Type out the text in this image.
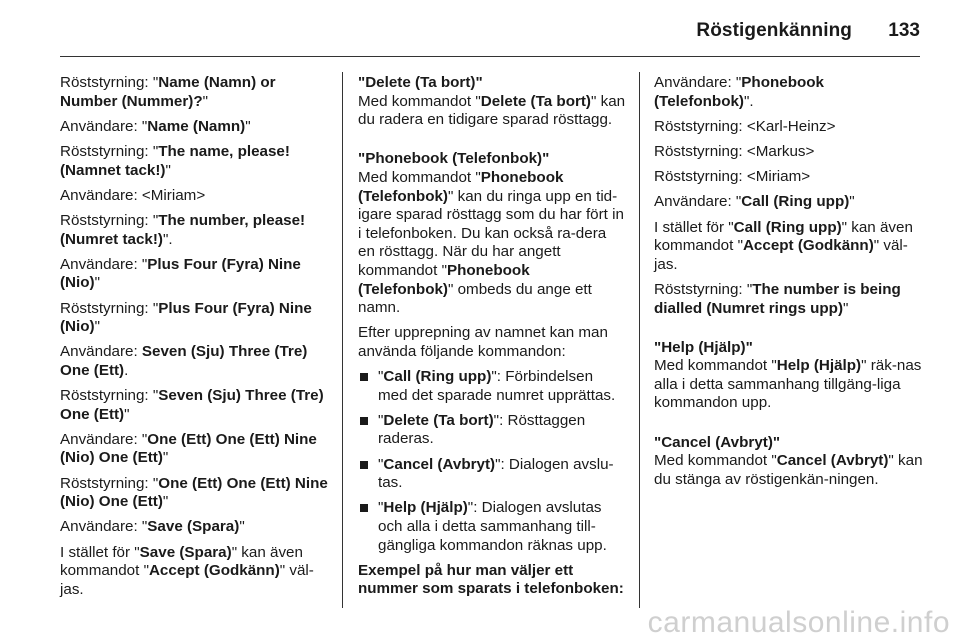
Röstigenkänning 133

Röststyrning: "Name (Namn) or Number (Nummer)?"

Användare: "Name (Namn)"

Röststyrning: "The name, please! (Namnet tack!)"

Användare: <Miriam>

Röststyrning: "The number, please! (Numret tack!)".

Användare: "Plus Four (Fyra) Nine (Nio)"

Röststyrning: "Plus Four (Fyra) Nine (Nio)"

Användare: Seven (Sju) Three (Tre) One (Ett).

Röststyrning: "Seven (Sju) Three (Tre) One (Ett)"

Användare: "One (Ett) One (Ett) Nine (Nio) One (Ett)"

Röststyrning: "One (Ett) One (Ett) Nine (Nio) One (Ett)"

Användare: "Save (Spara)"

I stället för "Save (Spara)" kan även kommandot "Accept (Godkänn)" väl-jas.

"Delete (Ta bort)"

Med kommandot "Delete (Ta bort)" kan du radera en tidigare sparad rösttagg.

"Phonebook (Telefonbok)"

Med kommandot "Phonebook (Telefonbok)" kan du ringa upp en tid-igare sparad rösttagg som du har fört in i telefonboken. Du kan också ra-dera en rösttagg. När du har angett kommandot "Phonebook (Telefonbok)" ombeds du ange ett namn.

Efter upprepning av namnet kan man använda följande kommandon:

"Call (Ring upp)": Förbindelsen med det sparade numret upprättas.
"Delete (Ta bort)": Rösttaggen raderas.
"Cancel (Avbryt)": Dialogen avslu-tas.
"Help (Hjälp)": Dialogen avslutas och alla i detta sammanhang till-gängliga kommandon räknas upp.

Exempel på hur man väljer ett nummer som sparats i telefonboken:

Användare: "Phonebook (Telefonbok)".

Röststyrning: <Karl-Heinz>

Röststyrning: <Markus>

Röststyrning: <Miriam>

Användare: "Call (Ring upp)"

I stället för "Call (Ring upp)" kan även kommandot "Accept (Godkänn)" väl-jas.

Röststyrning: "The number is being dialled (Numret rings upp)"

"Help (Hjälp)"

Med kommandot "Help (Hjälp)" räk-nas alla i detta sammanhang tillgäng-liga kommandon upp.

"Cancel (Avbryt)"

Med kommandot "Cancel (Avbryt)" kan du stänga av röstigenkän-ningen.

carmanualsonline.info
